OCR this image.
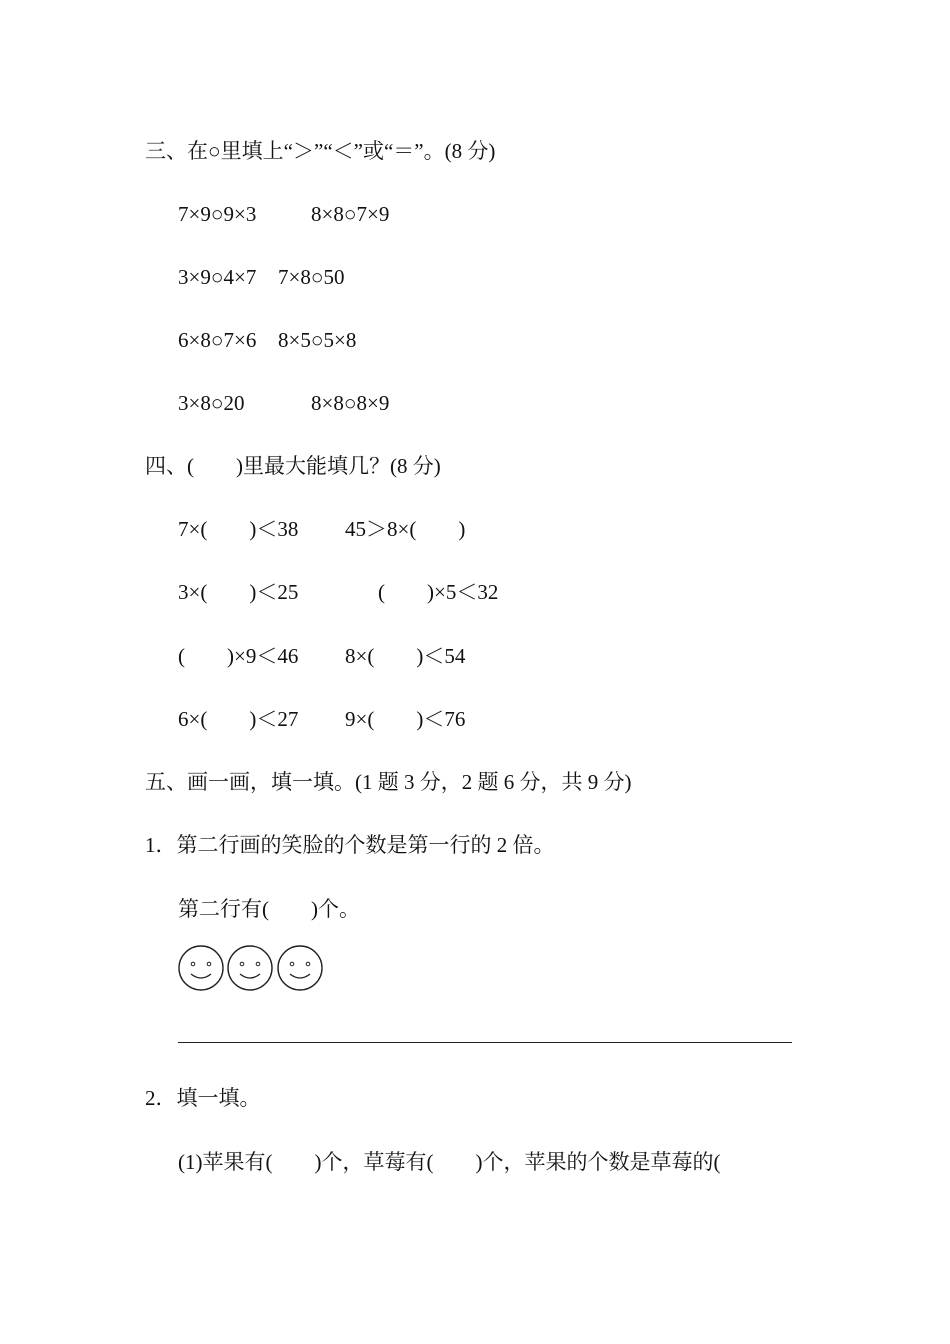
三、在○里填上“＞”“＜”或“＝”。(8 分)
7×9○9×3	8×8○7×9
3×9○4×7 7×8○50
6×8○7×6 8×5○5×8
3×8○20	8×8○8×9
四、(　　)里最大能填几？(8 分)
7×(　　)＜38 45＞8×(　　)
3×(　　)＜25	(　　)×5＜32
(　　)×9＜46 8×(　　)＜54
6×(　　)＜27 9×(　　)＜76
五、画一画，填一填。(1 题 3 分，2 题 6 分，共 9 分)
1．第二行画的笑脸的个数是第一行的 2 倍。
第二行有(　　)个。
2．填一填。
(1)苹果有(　　)个，草莓有(　　)个，苹果的个数是草莓的(
